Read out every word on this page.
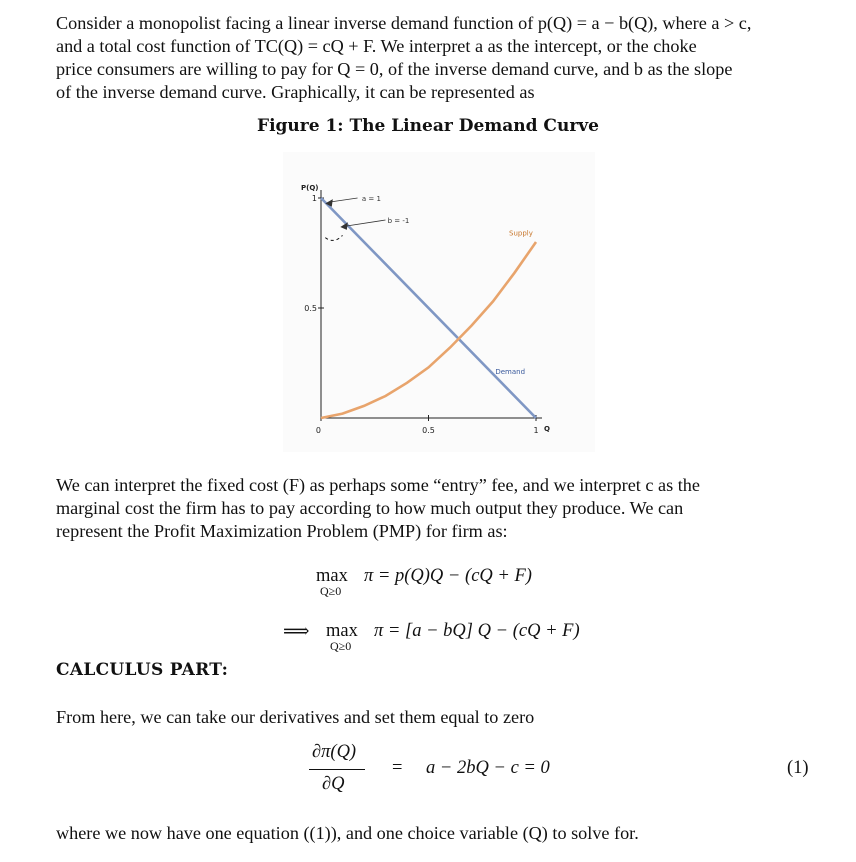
Consider a monopolist facing a linear inverse demand function of p(Q) = a − b(Q), where a > c,
and a total cost function of TC(Q) = cQ + F. We interpret a as the intercept, or the choke
price consumers are willing to pay for Q = 0, of the inverse demand curve, and b as the slope
of the inverse demand curve. Graphically, it can be represented as
Figure 1: The Linear Demand Curve
P(Q)
Q
0.5
1
0	0.5	1
Demand
Supply
a = 1
b = -1
We can interpret the fixed cost (F) as perhaps some “entry” fee, and we interpret c as the
marginal cost the firm has to pay according to how much output they produce. We can
represent the Profit Maximization Problem (PMP) for firm as:
max
Q≥0
π = p(Q)Q − (cQ + F)
⟹ max
Q≥0
π = [a − bQ] Q − (cQ + F)
CALCULUS PART:
From here, we can take our derivatives and set them equal to zero
∂π(Q)
∂Q
= a − 2bQ − c = 0	(1)
where we now have one equation ((1)), and one choice variable (Q) to solve for.
